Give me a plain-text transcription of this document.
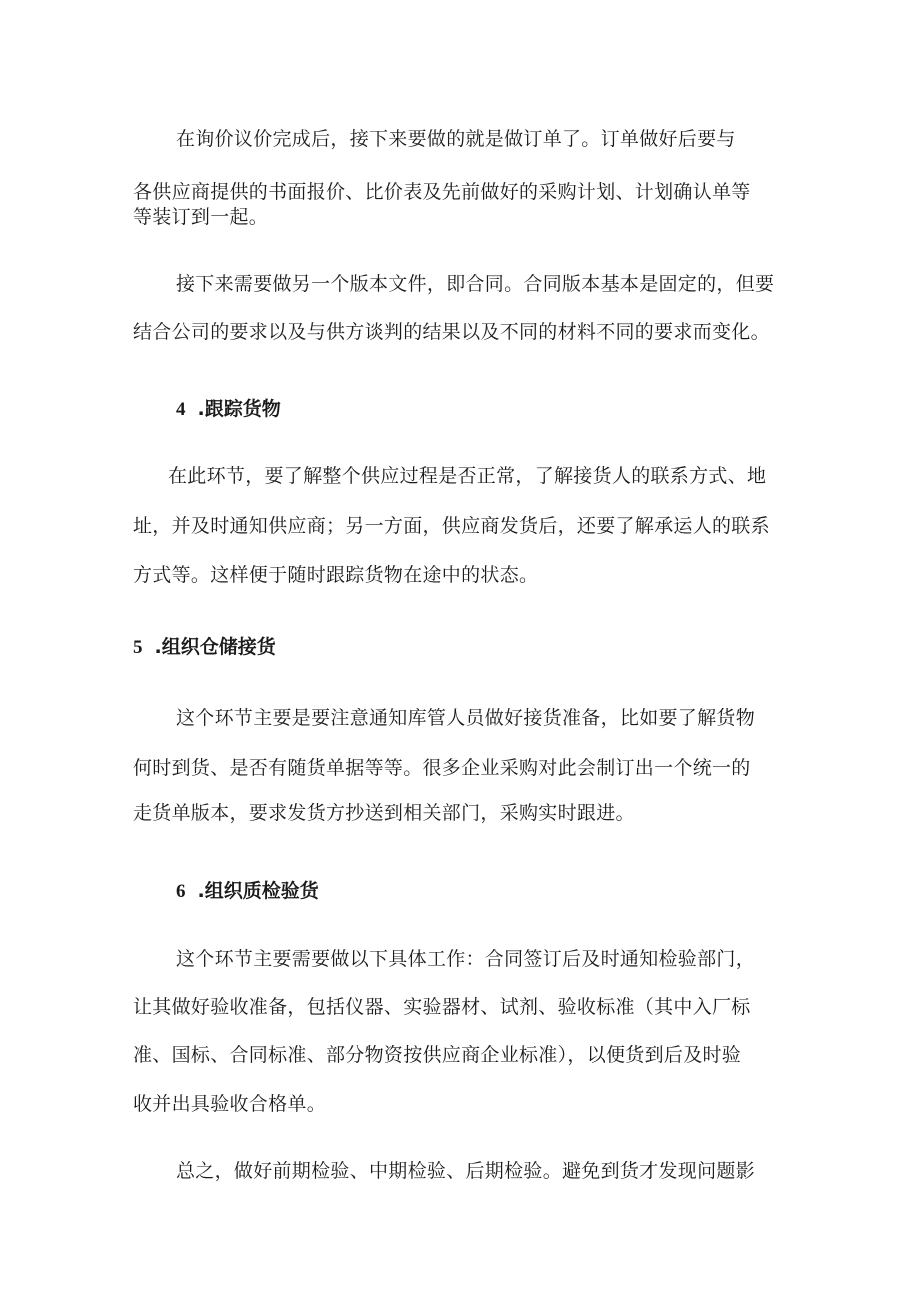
在询价议价完成后，接下来要做的就是做订单了。订单做好后要与
各供应商提供的书面报价、比价表及先前做好的采购计划、计划确认单等
等装订到一起。
接下来需要做另一个版本文件，即合同。合同版本基本是固定的，但要
结合公司的要求以及与供方谈判的结果以及不同的材料不同的要求而变化。
4 .跟踪货物
在此环节，要了解整个供应过程是否正常，了解接货人的联系方式、地
址，并及时通知供应商；另一方面，供应商发货后，还要了解承运人的联系
方式等。这样便于随时跟踪货物在途中的状态。
5 .组织仓储接货
这个环节主要是要注意通知库管人员做好接货准备，比如要了解货物
何时到货、是否有随货单据等等。很多企业采购对此会制订出一个统一的
走货单版本，要求发货方抄送到相关部门，采购实时跟进。
6 .组织质检验货
这个环节主要需要做以下具体工作：合同签订后及时通知检验部门，
让其做好验收准备，包括仪器、实验器材、试剂、验收标准（其中入厂标
准、国标、合同标准、部分物资按供应商企业标准），以便货到后及时验
收并出具验收合格单。
总之，做好前期检验、中期检验、后期检验。避免到货才发现问题影
